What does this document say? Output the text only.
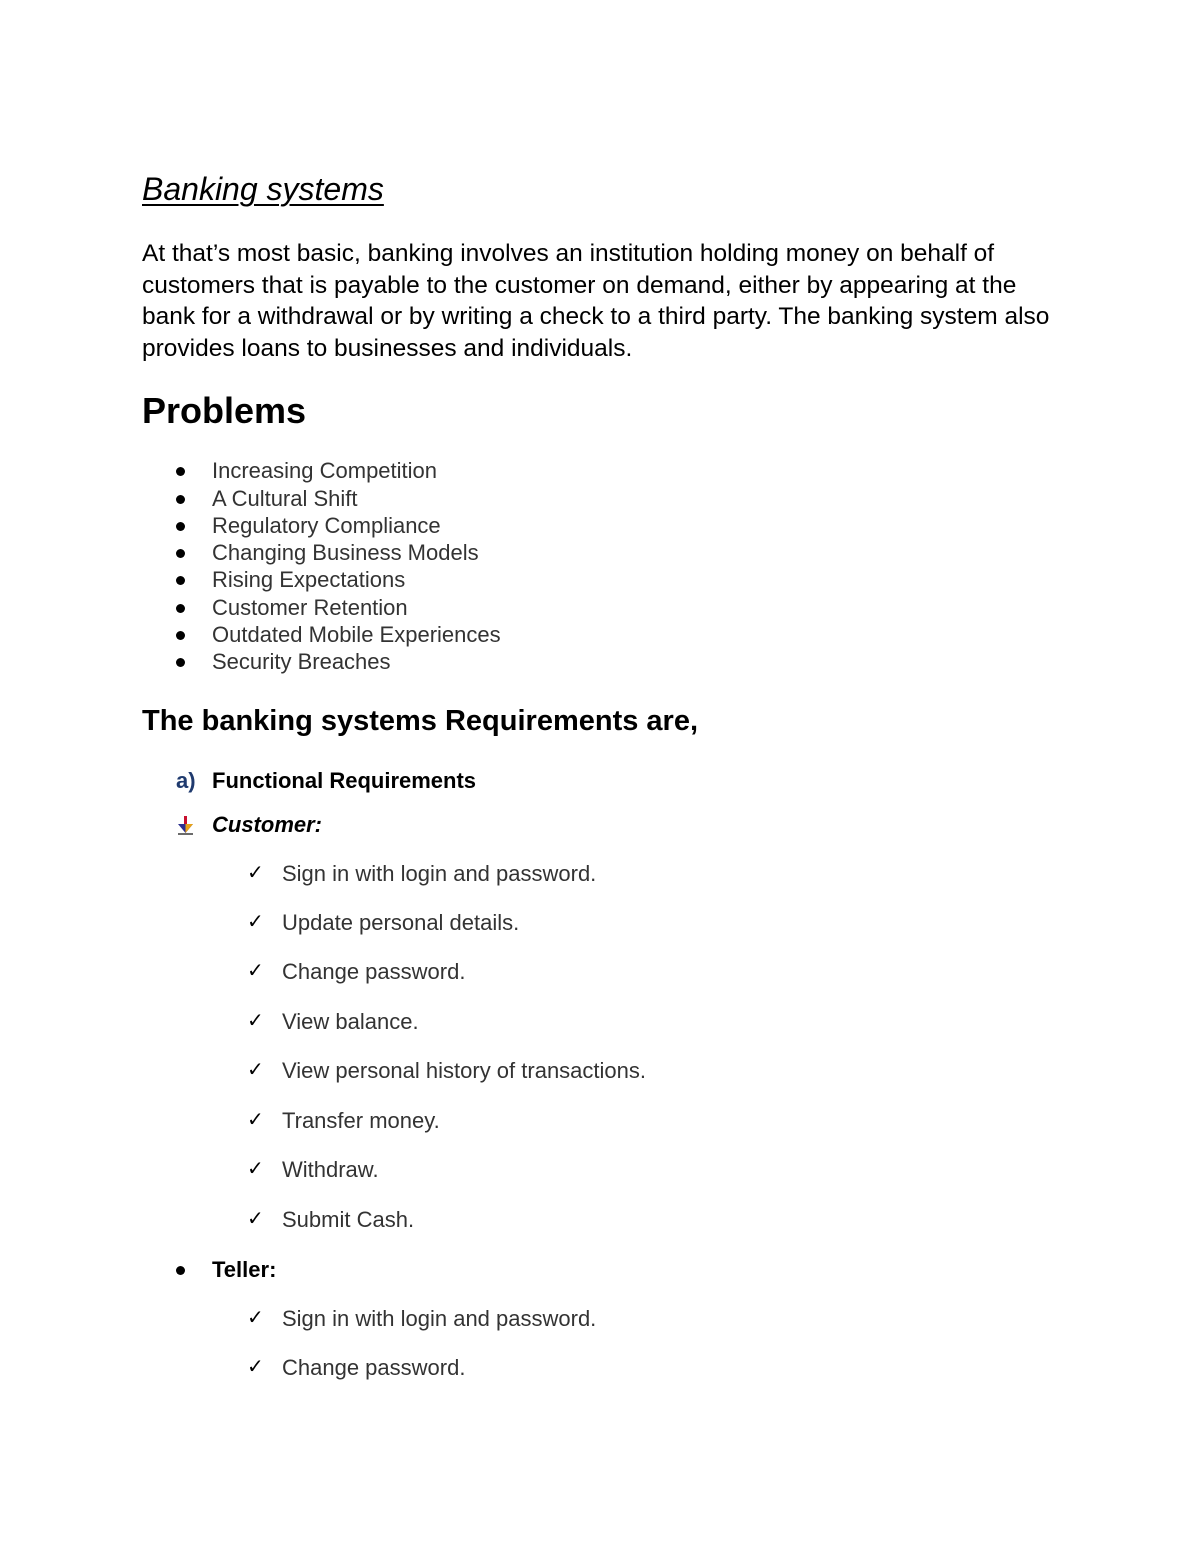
Banking systems
At that’s most basic, banking involves an institution holding money on behalf of customers that is payable to the customer on demand, either by appearing at the bank for a withdrawal or by writing a check to a third party. The banking system also provides loans to businesses and individuals.
Problems
Increasing Competition
A Cultural Shift
Regulatory Compliance
Changing Business Models
Rising Expectations
Customer Retention
Outdated Mobile Experiences
Security Breaches
The banking systems Requirements are,
a) Functional Requirements
Customer:
✓ Sign in with login and password.
✓ Update personal details.
✓ Change password.
✓ View balance.
✓ View personal history of transactions.
✓ Transfer money.
✓ Withdraw.
✓ Submit Cash.
Teller:
✓ Sign in with login and password.
✓ Change password.
